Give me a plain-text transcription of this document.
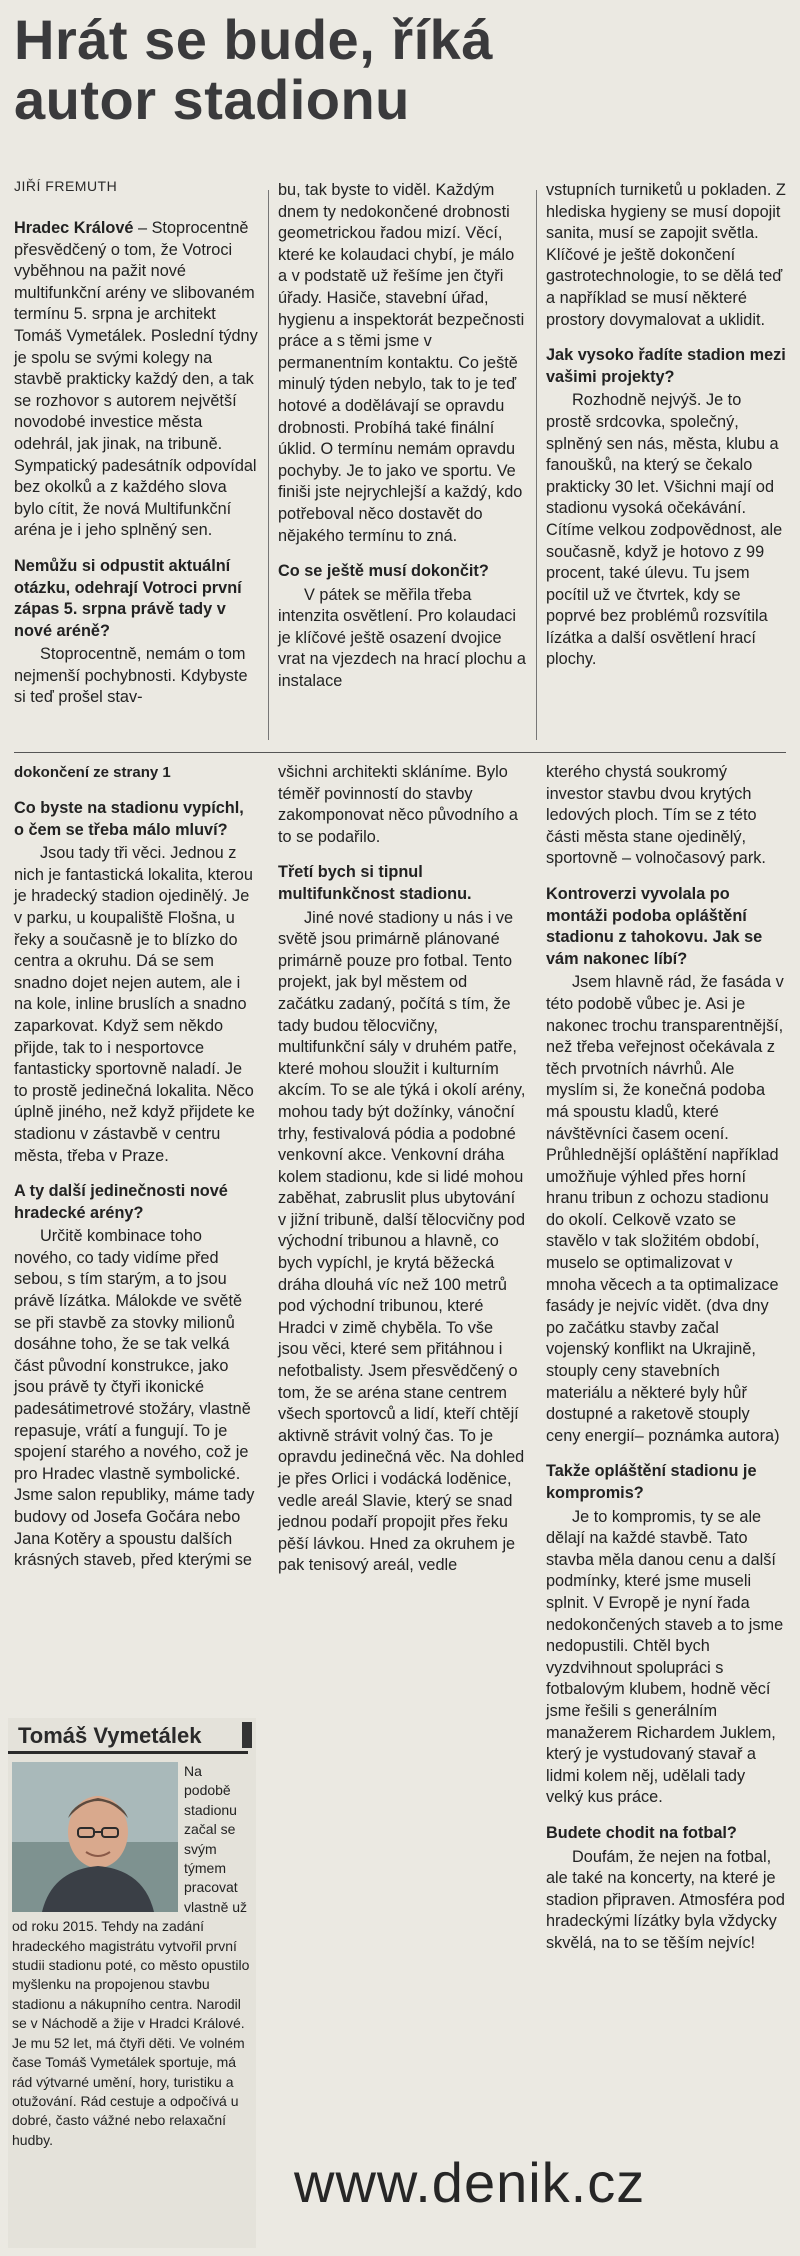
Hrát se bude, říká autor stadionu
JIŘÍ FREMUTH

Hradec Králové – Stoprocentně přesvědčený o tom, že Votroci vyběhnou na pažit nové multifunkční arény ve slibovaném termínu 5. srpna je architekt Tomáš Vymetálek. Poslední týdny je spolu se svými kolegy na stavbě prakticky každý den, a tak se rozhovor s autorem největší novodobé investice města odehrál, jak jinak, na tribuně. Sympatický padesátník odpovídal bez okolků a z každého slova bylo cítit, že nová Multifunkční aréna je i jeho splněný sen.

Nemůžu si odpustit aktuální otázku, odehrají Votroci první zápas 5. srpna právě tady v nové aréně?

Stoprocentně, nemám o tom nejmenší pochybnosti. Kdybyste si teď prošel stav-

bu, tak byste to viděl. Každým dnem ty nedokončené drobnosti geometrickou řadou mizí. Věcí, které ke kolaudaci chybí, je málo a v podstatě už řešíme jen čtyři úřady. Hasiče, stavební úřad, hygienu a inspektorát bezpečnosti práce a s těmi jsme v permanentním kontaktu. Co ještě minulý týden nebylo, tak to je teď hotové a dodělávají se opravdu drobnosti. Probíhá také finální úklid. O termínu nemám opravdu pochyby. Je to jako ve sportu. Ve finiši jste nejrychlejší a každý, kdo potřeboval něco dostavět do nějakého termínu to zná.

Co se ještě musí dokončit?

V pátek se měřila třeba intenzita osvětlení. Pro kolaudaci je klíčové ještě osazení dvojice vrat na vjezdech na hrací plochu a instalace

vstupních turniketů u pokladen. Z hlediska hygieny se musí dopojit sanita, musí se zapojit světla. Klíčové je ještě dokončení gastrotechnologie, to se dělá teď a například se musí některé prostory dovymalovat a uklidit.

Jak vysoko řadíte stadion mezi vašimi projekty?

Rozhodně nejvýš. Je to prostě srdcovka, společný, splněný sen nás, města, klubu a fanoušků, na který se čekalo prakticky 30 let. Všichni mají od stadionu vysoká očekávání. Cítíme velkou zodpovědnost, ale současně, když je hotovo z 99 procent, také úlevu. Tu jsem pocítil už ve čtvrtek, kdy se poprvé bez problémů rozsvítila lízátka a další osvětlení hrací plochy.

dokončení ze strany 1

Co byste na stadionu vypíchl, o čem se třeba málo mluví?

Jsou tady tři věci. Jednou z nich je fantastická lokalita, kterou je hradecký stadion ojedinělý. Je v parku, u koupaliště Flošna, u řeky a současně je to blízko do centra a okruhu. Dá se sem snadno dojet nejen autem, ale i na kole, inline bruslích a snadno zaparkovat. Když sem někdo přijde, tak to i nesportovce fantasticky sportovně naladí. Je to prostě jedinečná lokalita. Něco úplně jiného, než když přijdete ke stadionu v zástavbě v centru města, třeba v Praze.

A ty další jedinečnosti nové hradecké arény?

Určitě kombinace toho nového, co tady vidíme před sebou, s tím starým, a to jsou právě lízátka. Málokde ve světě se při stavbě za stovky milionů dosáhne toho, že se tak velká část původní konstrukce, jako jsou právě ty čtyři ikonické padesátimetrové stožáry, vlastně repasuje, vrátí a fungují. To je spojení starého a nového, což je pro Hradec vlastně symbolické. Jsme salon republiky, máme tady budovy od Josefa Gočára nebo Jana Kotěry a spoustu dalších krásných staveb, před kterými se

všichni architekti skláníme. Bylo téměř povinností do stavby zakomponovat něco původního a to se podařilo.

Třetí bych si tipnul multifunkčnost stadionu.

Jiné nové stadiony u nás i ve světě jsou primárně plánované primárně pouze pro fotbal. Tento projekt, jak byl městem od začátku zadaný, počítá s tím, že tady budou tělocvičny, multifunkční sály v druhém patře, které mohou sloužit i kulturním akcím. To se ale týká i okolí arény, mohou tady být dožínky, vánoční trhy, festivalová pódia a podobné venkovní akce. Venkovní dráha kolem stadionu, kde si lidé mohou zaběhat, zabruslit plus ubytování v jižní tribuně, další tělocvičny pod východní tribunou a hlavně, co bych vypíchl, je krytá běžecká dráha dlouhá víc než 100 metrů pod východní tribunou, které Hradci v zimě chyběla. To vše jsou věci, které sem přitáhnou i nefotbalisty. Jsem přesvědčený o tom, že se aréna stane centrem všech sportovců a lidí, kteří chtějí aktivně strávit volný čas. To je opravdu jedinečná věc. Na dohled je přes Orlici i vodácká loděnice, vedle areál Slavie, který se snad jednou podaří propojit přes řeku pěší lávkou. Hned za okruhem je pak tenisový areál, vedle

kterého chystá soukromý investor stavbu dvou krytých ledových ploch. Tím se z této části města stane ojedinělý, sportovně – volnočasový park.

Kontroverzi vyvolala po montáži podoba opláštění stadionu z tahokovu. Jak se vám nakonec líbí?

Jsem hlavně rád, že fasáda v této podobě vůbec je. Asi je nakonec trochu transparentnější, než třeba veřejnost očekávala z těch prvotních návrhů. Ale myslím si, že konečná podoba má spoustu kladů, které návštěvníci časem ocení. Průhlednější opláštění například umožňuje výhled přes horní hranu tribun z ochozu stadionu do okolí. Celkově vzato se stavělo v tak složitém období, muselo se optimalizovat v mnoha věcech a ta optimalizace fasády je nejvíc vidět. (dva dny po začátku stavby začal vojenský konflikt na Ukrajině, stouply ceny stavebních materiálu a některé byly hůř dostupné a raketově stouply ceny energií– poznámka autora)

Takže opláštění stadionu je kompromis?

Je to kompromis, ty se ale dělají na každé stavbě. Tato stavba měla danou cenu a další podmínky, které jsme museli splnit. V Evropě je nyní řada nedokončených staveb a to jsme nedopustili. Chtěl bych vyzdvihnout spolupráci s fotbalovým klubem, hodně věcí jsme řešili s generálním manažerem Richardem Juklem, který je vystudovaný stavař a lidmi kolem něj, udělali tady velký kus práce.

Budete chodit na fotbal?

Doufám, že nejen na fotbal, ale také na koncerty, na které je stadion připraven. Atmosféra pod hradeckými lízátky byla vždycky skvělá, na to se těším nejvíc!

Tomáš Vymetálek
Na podobě stadionu začal se svým týmem pracovat vlastně už od roku 2015. Tehdy na zadání hradeckého magistrátu vytvořil první studii stadionu poté, co město opustilo myšlenku na propojenou stavbu stadionu a nákupního centra. Narodil se v Náchodě a žije v Hradci Králové. Je mu 52 let, má čtyři děti. Ve volném čase Tomáš Vymetálek sportuje, má rád výtvarné umění, hory, turistiku a otužování. Rád cestuje a odpočívá u dobré, často vážné nebo relaxační hudby.
www.denik.cz
